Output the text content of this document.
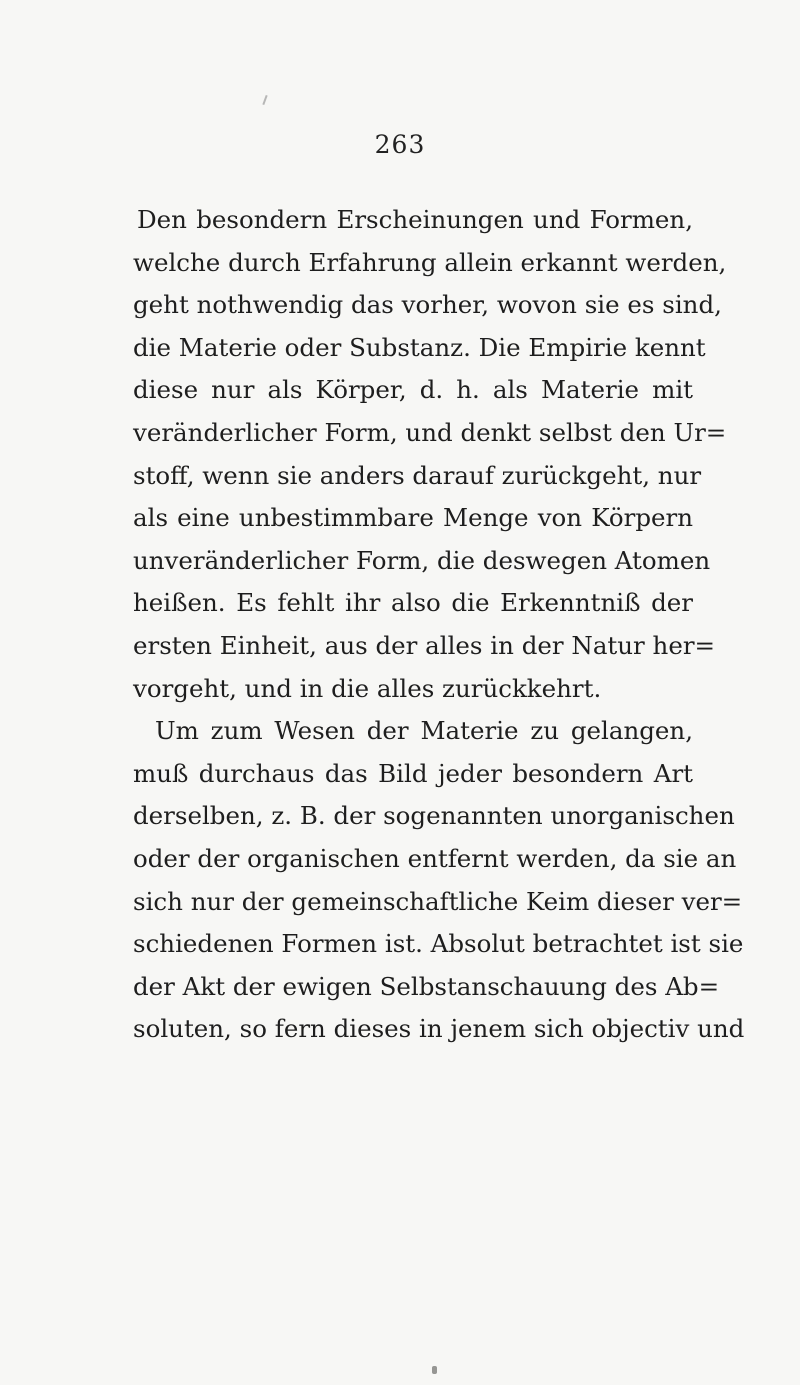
263
Den besondern Erscheinungen und Formen,
welche durch Erfahrung allein erkannt werden,
geht nothwendig das vorher, wovon sie es sind,
die Materie oder Substanz. Die Empirie kennt
diese nur als Körper, d. h. als Materie mit
veränderlicher Form, und denkt selbst den Ur=
stoff, wenn sie anders darauf zurückgeht, nur
als eine unbestimmbare Menge von Körpern
unveränderlicher Form, die deswegen Atomen
heißen. Es fehlt ihr also die Erkenntniß der
ersten Einheit, aus der alles in der Natur her=
vorgeht, und in die alles zurückkehrt.
Um zum Wesen der Materie zu gelangen,
muß durchaus das Bild jeder besondern Art
derselben, z. B. der sogenannten unorganischen
oder der organischen entfernt werden, da sie an
sich nur der gemeinschaftliche Keim dieser ver=
schiedenen Formen ist. Absolut betrachtet ist sie
der Akt der ewigen Selbstanschauung des Ab=
soluten, so fern dieses in jenem sich objectiv und
